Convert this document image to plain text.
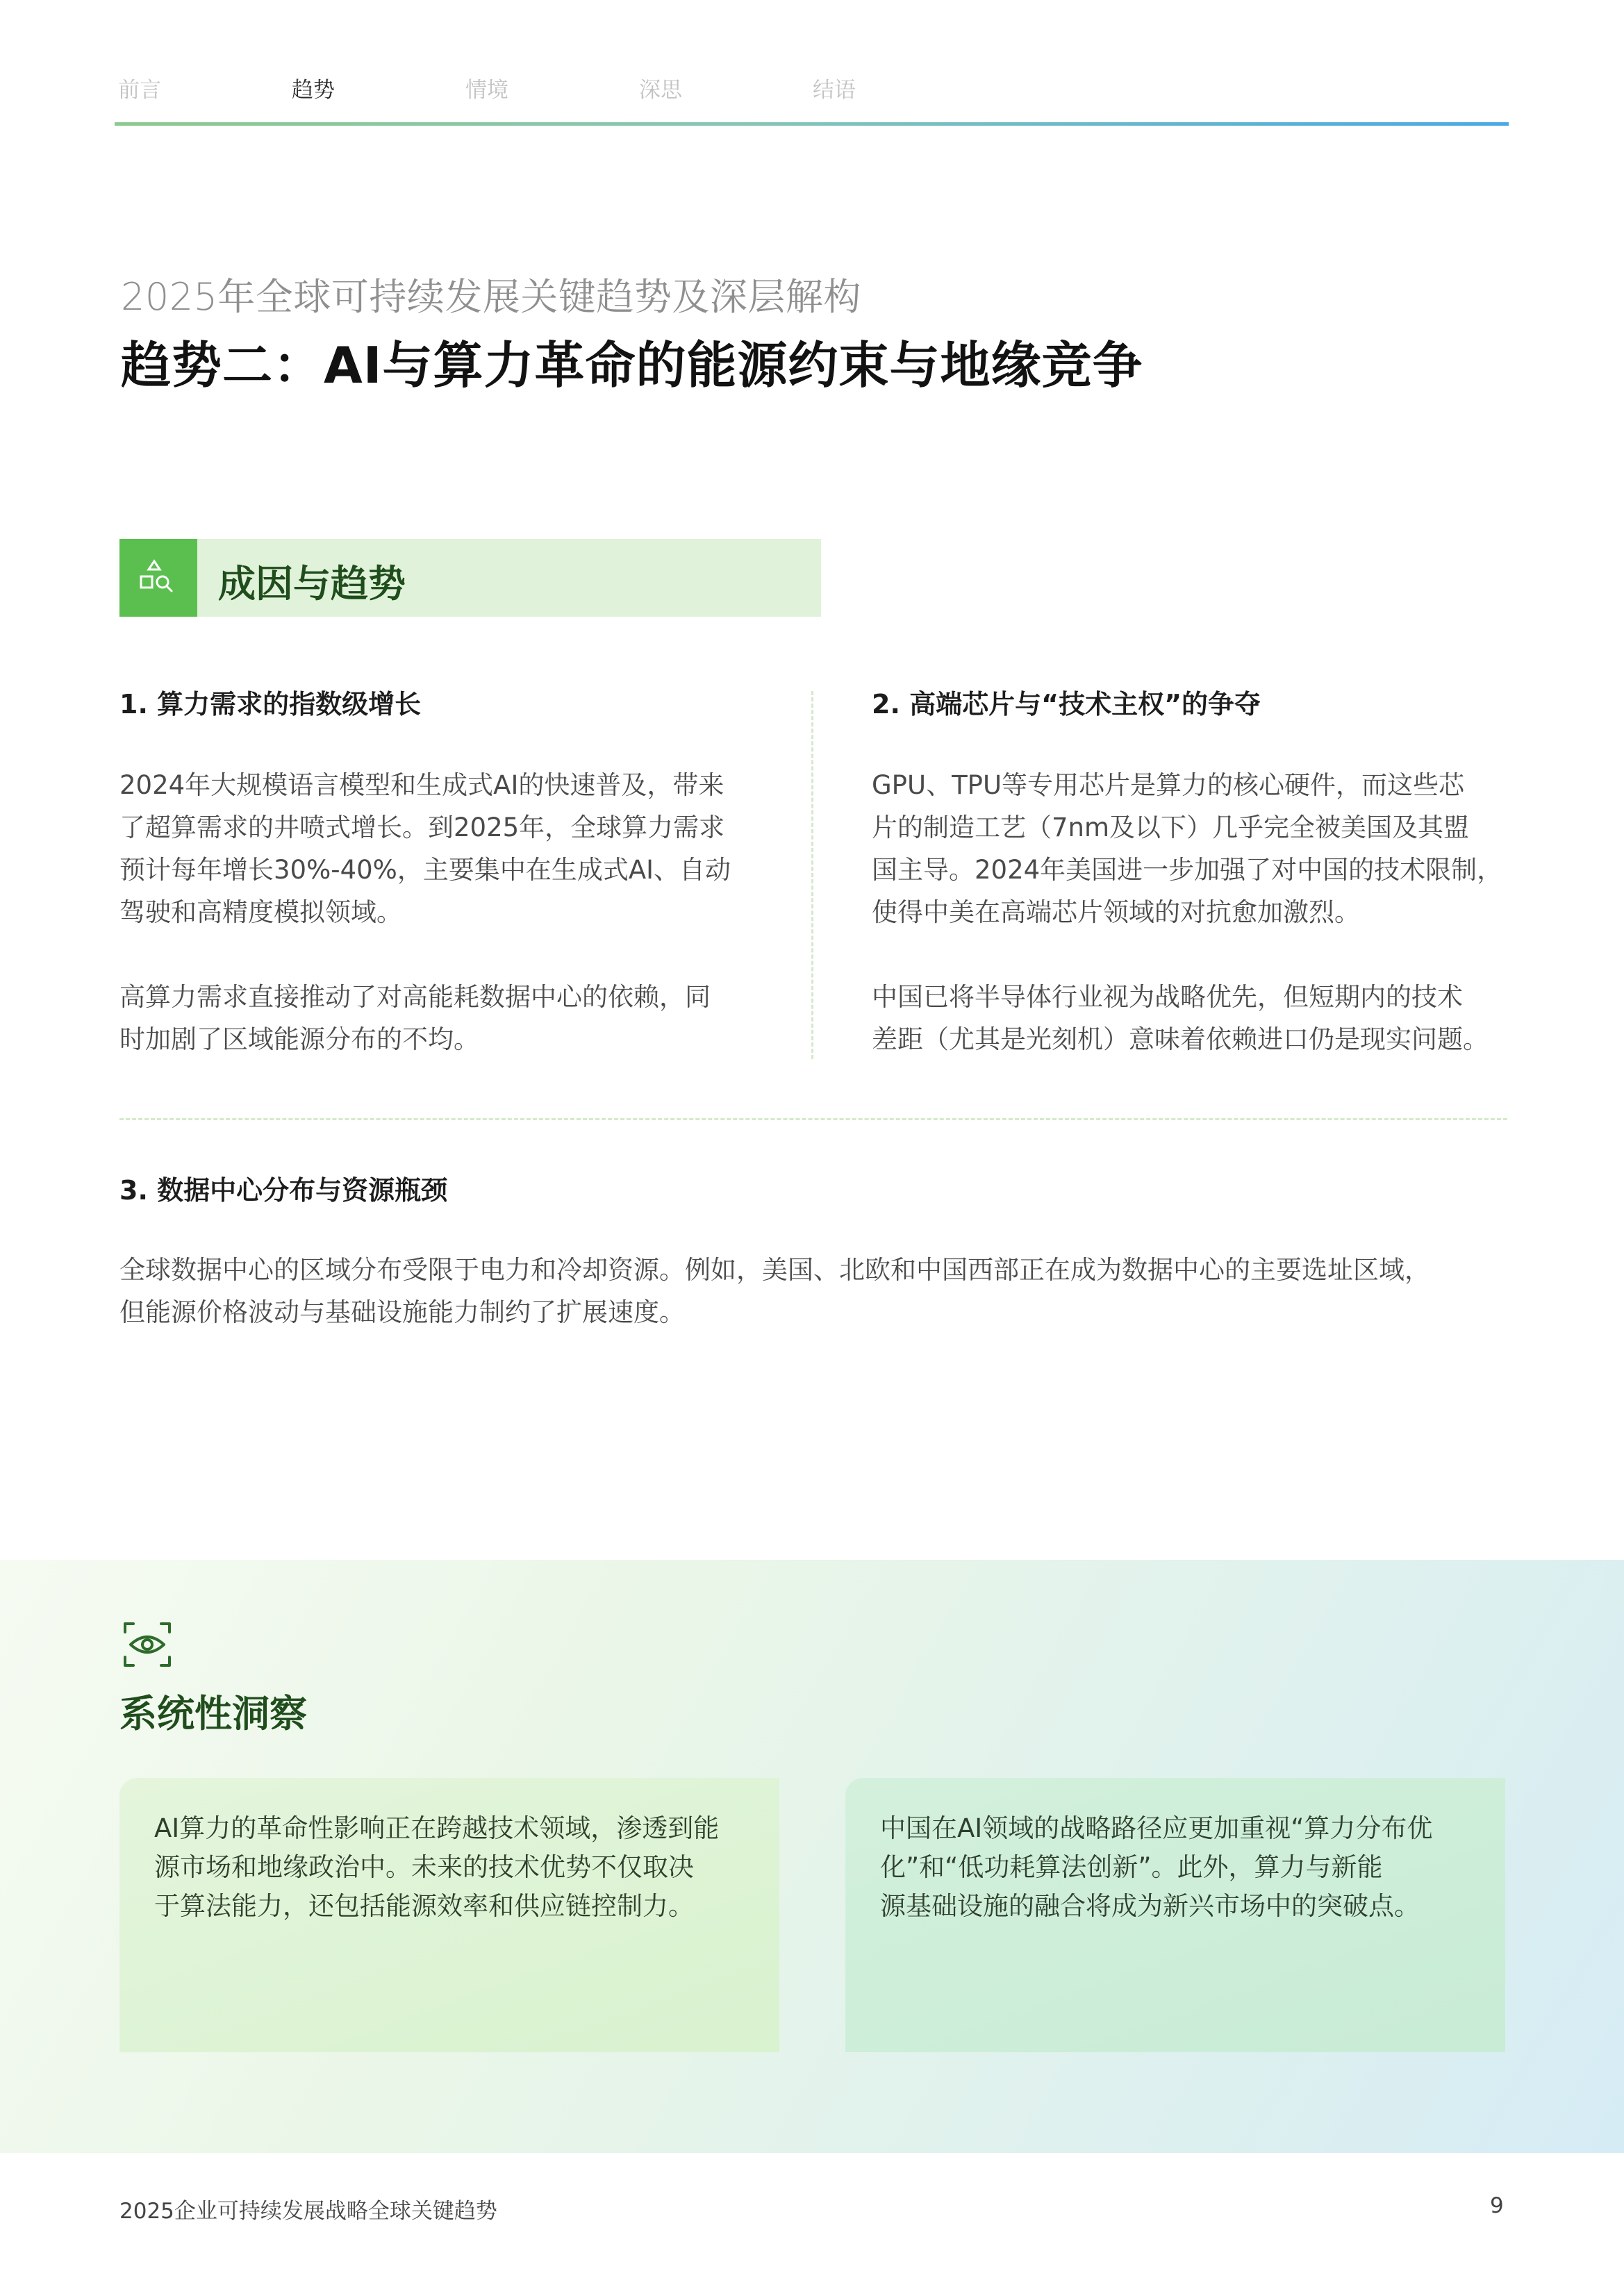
前言	趋势	情境	深思	结语
2025年全球可持续发展关键趋势及深层解构
趋势二：AI与算力革命的能源约束与地缘竞争
成因与趋势
1. 算力需求的指数级增长
2024年大规模语言模型和生成式AI的快速普及，带来
了超算需求的井喷式增长。到2025年，全球算力需求
预计每年增长30%-40%，主要集中在生成式AI、自动
驾驶和高精度模拟领域。
高算力需求直接推动了对高能耗数据中心的依赖，同
时加剧了区域能源分布的不均。
2. 高端芯片与“技术主权”的争夺
GPU、TPU等专用芯片是算力的核心硬件，而这些芯
片的制造工艺（7nm及以下）几乎完全被美国及其盟
国主导。2024年美国进一步加强了对中国的技术限制，
使得中美在高端芯片领域的对抗愈加激烈。
中国已将半导体行业视为战略优先，但短期内的技术
差距（尤其是光刻机）意味着依赖进口仍是现实问题。
3. 数据中心分布与资源瓶颈
全球数据中心的区域分布受限于电力和冷却资源。例如，美国、北欧和中国西部正在成为数据中心的主要选址区域，
但能源价格波动与基础设施能力制约了扩展速度。
系统性洞察
AI算力的革命性影响正在跨越技术领域，渗透到能
源市场和地缘政治中。未来的技术优势不仅取决
于算法能力，还包括能源效率和供应链控制力。
中国在AI领域的战略路径应更加重视“算力分布优
化”和“低功耗算法创新”。此外，算力与新能
源基础设施的融合将成为新兴市场中的突破点。
2025企业可持续发展战略全球关键趋势	9
